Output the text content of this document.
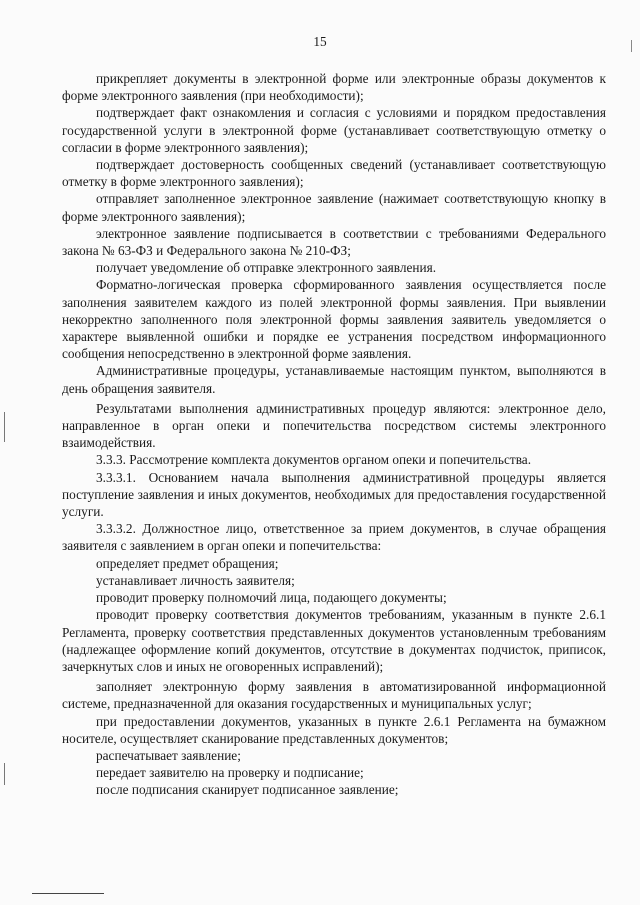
15

прикрепляет документы в электронной форме или электронные образы документов к форме электронного заявления (при необходимости);

подтверждает факт ознакомления и согласия с условиями и порядком предоставления государственной услуги в электронной форме (устанавливает соответствующую отметку о согласии в форме электронного заявления);

подтверждает достоверность сообщенных сведений (устанавливает соответствующую отметку в форме электронного заявления);

отправляет заполненное электронное заявление (нажимает соответствующую кнопку в форме электронного заявления);

электронное заявление подписывается в соответствии с требованиями Федерального закона № 63-ФЗ и Федерального закона № 210-ФЗ;

получает уведомление об отправке электронного заявления.

Форматно-логическая проверка сформированного заявления осуществляется после заполнения заявителем каждого из полей электронной формы заявления. При выявлении некорректно заполненного поля электронной формы заявления заявитель уведомляется о характере выявленной ошибки и порядке ее устранения посредством информационного сообщения непосредственно в электронной форме заявления.

Административные процедуры, устанавливаемые настоящим пунктом, выполняются в день обращения заявителя.

Результатами выполнения административных процедур являются: электронное дело, направленное в орган опеки и попечительства посредством системы электронного взаимодействия.

3.3.3. Рассмотрение комплекта документов органом опеки и попечительства.

3.3.3.1. Основанием начала выполнения административной процедуры является поступление заявления и иных документов, необходимых для предоставления государственной услуги.

3.3.3.2. Должностное лицо, ответственное за прием документов, в случае обращения заявителя с заявлением в орган опеки и попечительства:

определяет предмет обращения;

устанавливает личность заявителя;

проводит проверку полномочий лица, подающего документы;

проводит проверку соответствия документов требованиям, указанным в пункте 2.6.1 Регламента, проверку соответствия представленных документов установленным требованиям (надлежащее оформление копий документов, отсутствие в документах подчисток, приписок, зачеркнутых слов и иных не оговоренных исправлений);

заполняет электронную форму заявления в автоматизированной информационной системе, предназначенной для оказания государственных и муниципальных услуг;

при предоставлении документов, указанных в пункте 2.6.1 Регламента на бумажном носителе, осуществляет сканирование представленных документов;

распечатывает заявление;

передает заявителю на проверку и подписание;

после подписания сканирует подписанное заявление;
